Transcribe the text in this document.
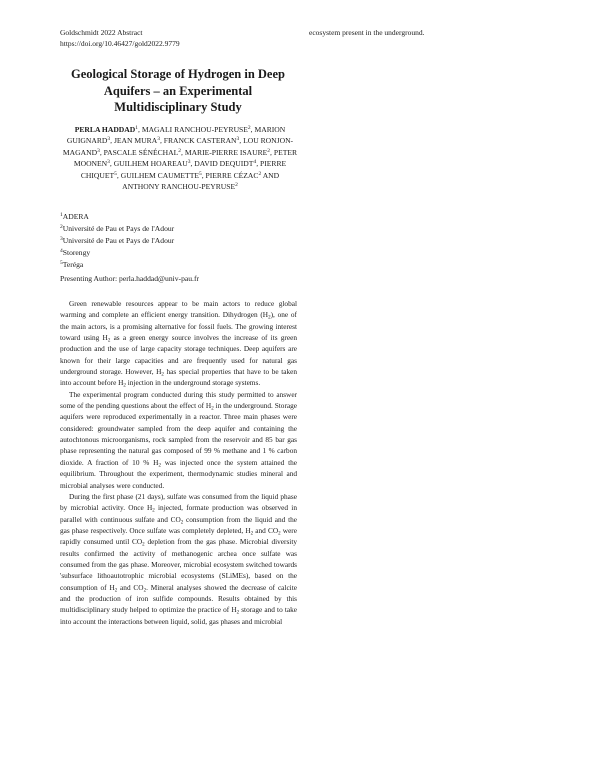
Goldschmidt 2022 Abstract
https://doi.org/10.46427/gold2022.9779
ecosystem present in the underground.
Geological Storage of Hydrogen in Deep Aquifers – an Experimental Multidisciplinary Study
PERLA HADDAD$^1$, MAGALI RANCHOU-PEYRUSE$^2$, MARION GUIGNARD$^3$, JEAN MURA$^3$, FRANCK CASTERAN$^3$, LOU RONJON-MAGAND$^3$, PASCALE SÉNÉCHAL$^2$, MARIE-PIERRE ISAURE$^2$, PETER MOONEN$^3$, GUILHEM HOAREAU$^3$, DAVID DEQUIDT$^4$, PIERRE CHIQUET$^5$, GUILHEM CAUMETTE$^5$, PIERRE CÉZAC$^2$ AND ANTHONY RANCHOU-PEYRUSE$^2$
$^1$ADERA
$^2$Université de Pau et Pays de l'Adour
$^3$Université de Pau et Pays de l'Adour
$^4$Storengy
$^5$Teréga
Presenting Author: perla.haddad@univ-pau.fr

Green renewable resources appear to be main actors to reduce global warming and complete an efficient energy transition. Dihydrogen $(H_2)$, one of the main actors, is a promising alternative for fossil fuels. The growing interest toward using $H_2$ as a green energy source involves the increase of its green production and the use of large capacity storage techniques. Deep aquifers are known for their large capacities and are frequently used for natural gas underground storage. However, $H_2$ has special properties that have to be taken into account before $H_2$ injection in the underground storage systems.

The experimental program conducted during this study permitted to answer some of the pending questions about the effect of $H_2$ in the underground. Storage aquifers were reproduced experimentally in a reactor. Three main phases were considered: groundwater sampled from the deep aquifer and containing the autochtonous microorganisms, rock sampled from the reservoir and 85 bar gas phase representing the natural gas composed of 99 % methane and 1 % carbon dioxide. A fraction of 10 % $H_2$ was injected once the system attained the equilibrium. Throughout the experiment, thermodynamic studies mineral and microbial analyses were conducted.

During the first phase (21 days), sulfate was consumed from the liquid phase by microbial activity. Once $H_2$ injected, formate production was observed in parallel with continuous sulfate and $CO_2$ consumption from the liquid and the gas phase respectively. Once sulfate was completely depleted, $H_2$ and $CO_2$ were rapidly consumed until $CO_2$ depletion from the gas phase. Microbial diversity results confirmed the activity of methanogenic archea once sulfate was consumed from the gas phase. Moreover, microbial ecosystem switched towards 'subsurface lithoautotrophic microbial ecosystems (SLiMEs), based on the consumption of $H_2$ and $CO_2$. Mineral analyses showed the decrease of calcite and the production of iron sulfide compounds. Results obtained by this multidisciplinary study helped to optimize the practice of $H_2$ storage and to take into account the interactions between liquid, solid, gas phases and microbial
